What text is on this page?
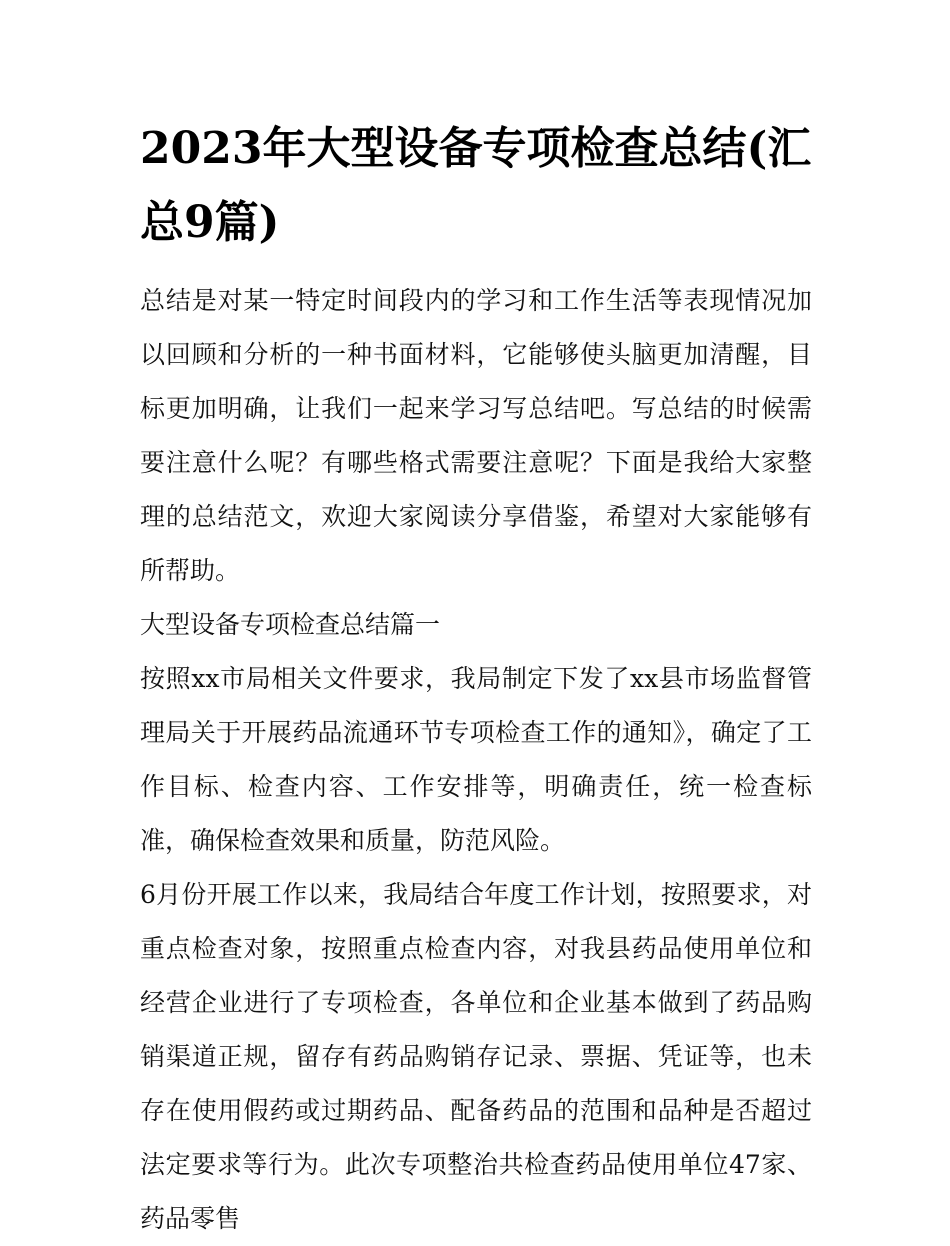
2023年大型设备专项检查总结(汇总9篇)

总结是对某一特定时间段内的学习和工作生活等表现情况加以回顾和分析的一种书面材料，它能够使头脑更加清醒，目标更加明确，让我们一起来学习写总结吧。写总结的时候需要注意什么呢？有哪些格式需要注意呢？下面是我给大家整理的总结范文，欢迎大家阅读分享借鉴，希望对大家能够有所帮助。

大型设备专项检查总结篇一

按照xx市局相关文件要求，我局制定下发了xx县市场监督管理局关于开展药品流通环节专项检查工作的通知》，确定了工作目标、检查内容、工作安排等，明确责任，统一检查标准，确保检查效果和质量，防范风险。

6月份开展工作以来，我局结合年度工作计划，按照要求，对重点检查对象，按照重点检查内容，对我县药品使用单位和经营企业进行了专项检查，各单位和企业基本做到了药品购销渠道正规，留存有药品购销存记录、票据、凭证等，也未存在使用假药或过期药品、配备药品的范围和品种是否超过法定要求等行为。此次专项整治共检查药品使用单位47家、药品零售
